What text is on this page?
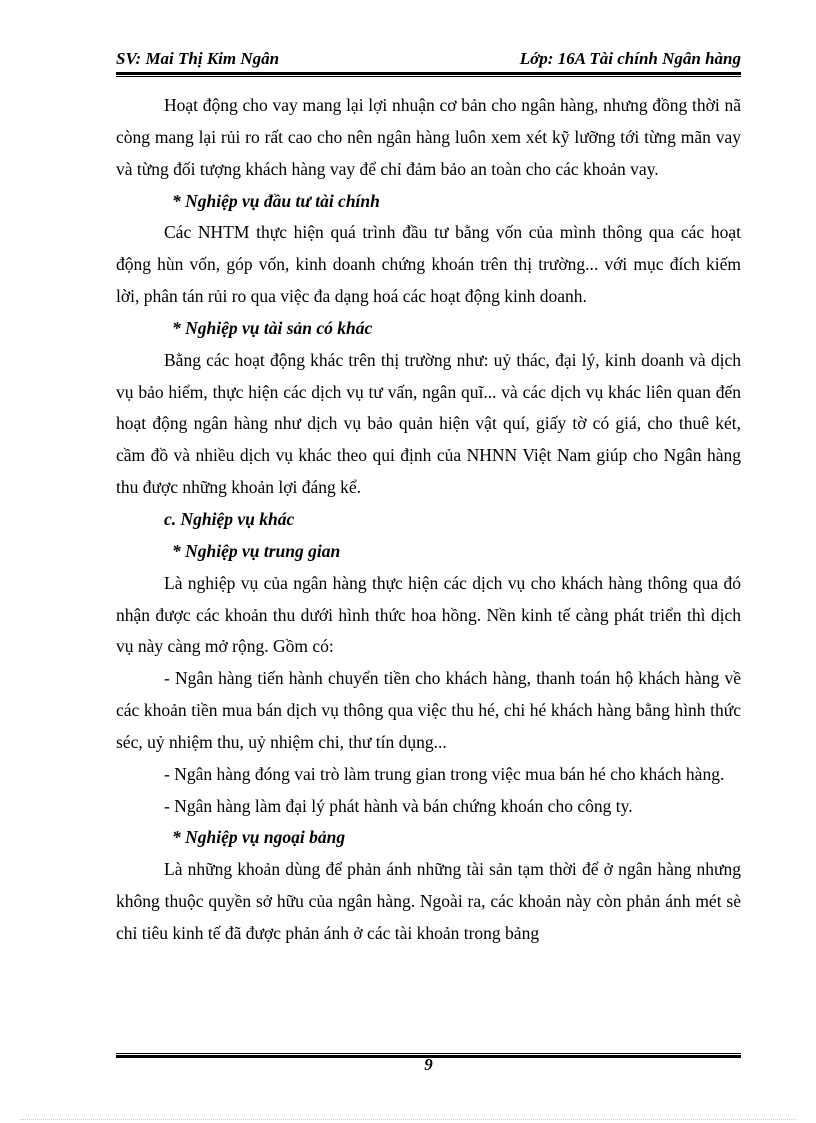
SV: Mai Thị Kim Ngân	Lớp: 16A Tài chính Ngân hàng

Hoạt động cho vay mang lại lợi nhuận cơ bản cho ngân hàng, nhưng đồng thời nã còng mang lại rủi ro rất cao cho nên ngân hàng luôn xem xét kỹ lưỡng tới từng mãn vay và từng đối tượng khách hàng vay để chỉ đảm bảo an toàn cho các khoản vay.

* Nghiệp vụ đầu tư tài chính

Các NHTM thực hiện quá trình đầu tư bằng vốn của mình thông qua các hoạt động hùn vốn, góp vốn, kinh doanh chứng khoán trên thị trường... với mục đích kiếm lời, phân tán rủi ro qua việc đa dạng hoá các hoạt động kinh doanh.

* Nghiệp vụ tài sản có khác

Bằng các hoạt động khác trên thị trường như: uỷ thác, đại lý, kinh doanh và dịch vụ bảo hiểm, thực hiện các dịch vụ tư vấn, ngân quĩ... và các dịch vụ khác liên quan đến hoạt động ngân hàng như dịch vụ bảo quản hiện vật quí, giấy tờ có giá, cho thuê két, cầm đồ và nhiều dịch vụ khác theo qui định của NHNN Việt Nam giúp cho Ngân hàng thu được những khoản lợi đáng kể.

c. Nghiệp vụ khác

* Nghiệp vụ trung gian

Là nghiệp vụ của ngân hàng thực hiện các dịch vụ cho khách hàng thông qua đó nhận được các khoản thu dưới hình thức hoa hồng. Nền kinh tế càng phát triển thì dịch vụ này càng mở rộng. Gồm có:

- Ngân hàng tiến hành chuyển tiền cho khách hàng, thanh toán hộ khách hàng về các khoản tiền mua bán dịch vụ thông qua việc thu hé, chi hé khách hàng bằng hình thức séc, uỷ nhiệm thu, uỷ nhiệm chi, thư tín dụng...

- Ngân hàng đóng vai trò làm trung gian trong việc mua bán hé cho khách hàng.

- Ngân hàng làm đại lý phát hành và bán chứng khoán cho công ty.

* Nghiệp vụ ngoại bảng

Là những khoản dùng để phản ánh những tài sản tạm thời để ở ngân hàng nhưng không thuộc quyền sở hữu của ngân hàng. Ngoài ra, các khoản này còn phản ánh mét sè chỉ tiêu kinh tế đã được phản ánh ở các tài khoản trong bảng

9
